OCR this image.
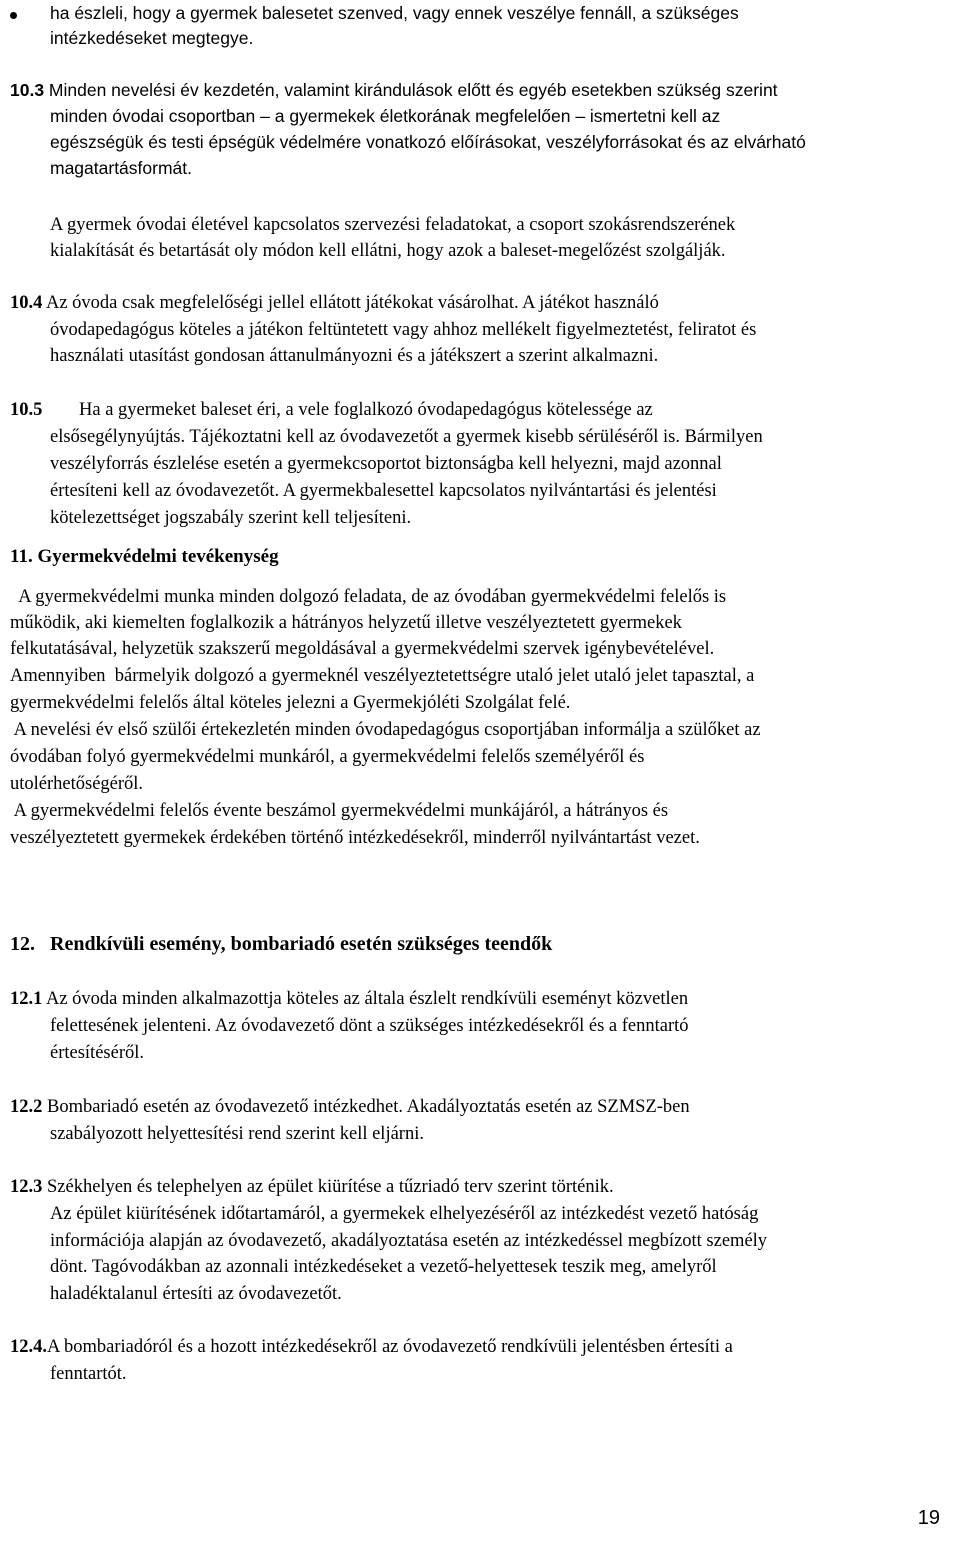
ha észleli, hogy a gyermek balesetet szenved, vagy ennek veszélye fennáll, a szükséges
intézkedéseket megtegye.
10.3 Minden nevelési év kezdetén, valamint kirándulások előtt és egyéb esetekben szükség szerint
minden óvodai csoportban – a gyermekek életkorának megfelelően – ismertetni kell az
egészségük és testi épségük védelmére vonatkozó előírásokat, veszélyforrásokat és az elvárható
magatartásformát.
A gyermek óvodai életével kapcsolatos szervezési feladatokat, a csoport szokásrendszerének
kialakítását és betartását oly módon kell ellátni, hogy azok a baleset-megelőzést szolgálják.
10.4 Az óvoda csak megfelelőségi jellel ellátott játékokat vásárolhat. A játékot használó
óvodapedagógus köteles a játékon feltüntetett vagy ahhoz mellékelt figyelmeztetést, feliratot és
használati utasítást gondosan áttanulmányozni és a játékszert a szerint alkalmazni.
10.5 Ha a gyermeket baleset éri, a vele foglalkozó óvodapedagógus kötelessége az
elsősegélynyújtás. Tájékoztatni kell az óvodavezetőt a gyermek kisebb sérüléséről is. Bármilyen
veszélyforrás észlelése esetén a gyermekcsoportot biztonságba kell helyezni, majd azonnal
értesíteni kell az óvodavezetőt. A gyermekbalesettel kapcsolatos nyilvántartási és jelentési
kötelezettséget jogszabály szerint kell teljesíteni.
11. Gyermekvédelmi tevékenység
A gyermekvédelmi munka minden dolgozó feladata, de az óvodában gyermekvédelmi felelős is
működik, aki kiemelten foglalkozik a hátrányos helyzetű illetve veszélyeztetett gyermekek
felkutatásával, helyzetük szakszerű megoldásával a gyermekvédelmi szervek igénybevételével.
Amennyiben  bármelyik dolgozó a gyermeknél veszélyeztetettségre utaló jelet utaló jelet tapasztal, a
gyermekvédelmi felelős által köteles jelezni a Gyermekjóléti Szolgálat felé.
A nevelési év első szülői értekezletén minden óvodapedagógus csoportjában informálja a szülőket az
óvodában folyó gyermekvédelmi munkáról, a gyermekvédelmi felelős személyéről és
utolérhetőségéről.
A gyermekvédelmi felelős évente beszámol gyermekvédelmi munkájáról, a hátrányos és
veszélyeztetett gyermekek érdekében történő intézkedésekről, minderről nyilvántartást vezet.
12. Rendkívüli esemény, bombariadó esetén szükséges teendők
12.1 Az óvoda minden alkalmazottja köteles az általa észlelt rendkívüli eseményt közvetlen
felettesének jelenteni. Az óvodavezető dönt a szükséges intézkedésekről és a fenntartó
értesítéséről.
12.2 Bombariadó esetén az óvodavezető intézkedhet. Akadályoztatás esetén az SZMSZ-ben
szabályozott helyettesítési rend szerint kell eljárni.
12.3 Székhelyen és telephelyen az épület kiürítése a tűzriadó terv szerint történik.
Az épület kiürítésének időtartamáról, a gyermekek elhelyezéséről az intézkedést vezető hatóság
információja alapján az óvodavezető, akadályoztatása esetén az intézkedéssel megbízott személy
dönt. Tagóvodákban az azonnali intézkedéseket a vezető-helyettesek teszik meg, amelyről
haladéktalanul értesíti az óvodavezetőt.
12.4.A bombariadóról és a hozott intézkedésekről az óvodavezető rendkívüli jelentésben értesíti a
fenntartót.
19
